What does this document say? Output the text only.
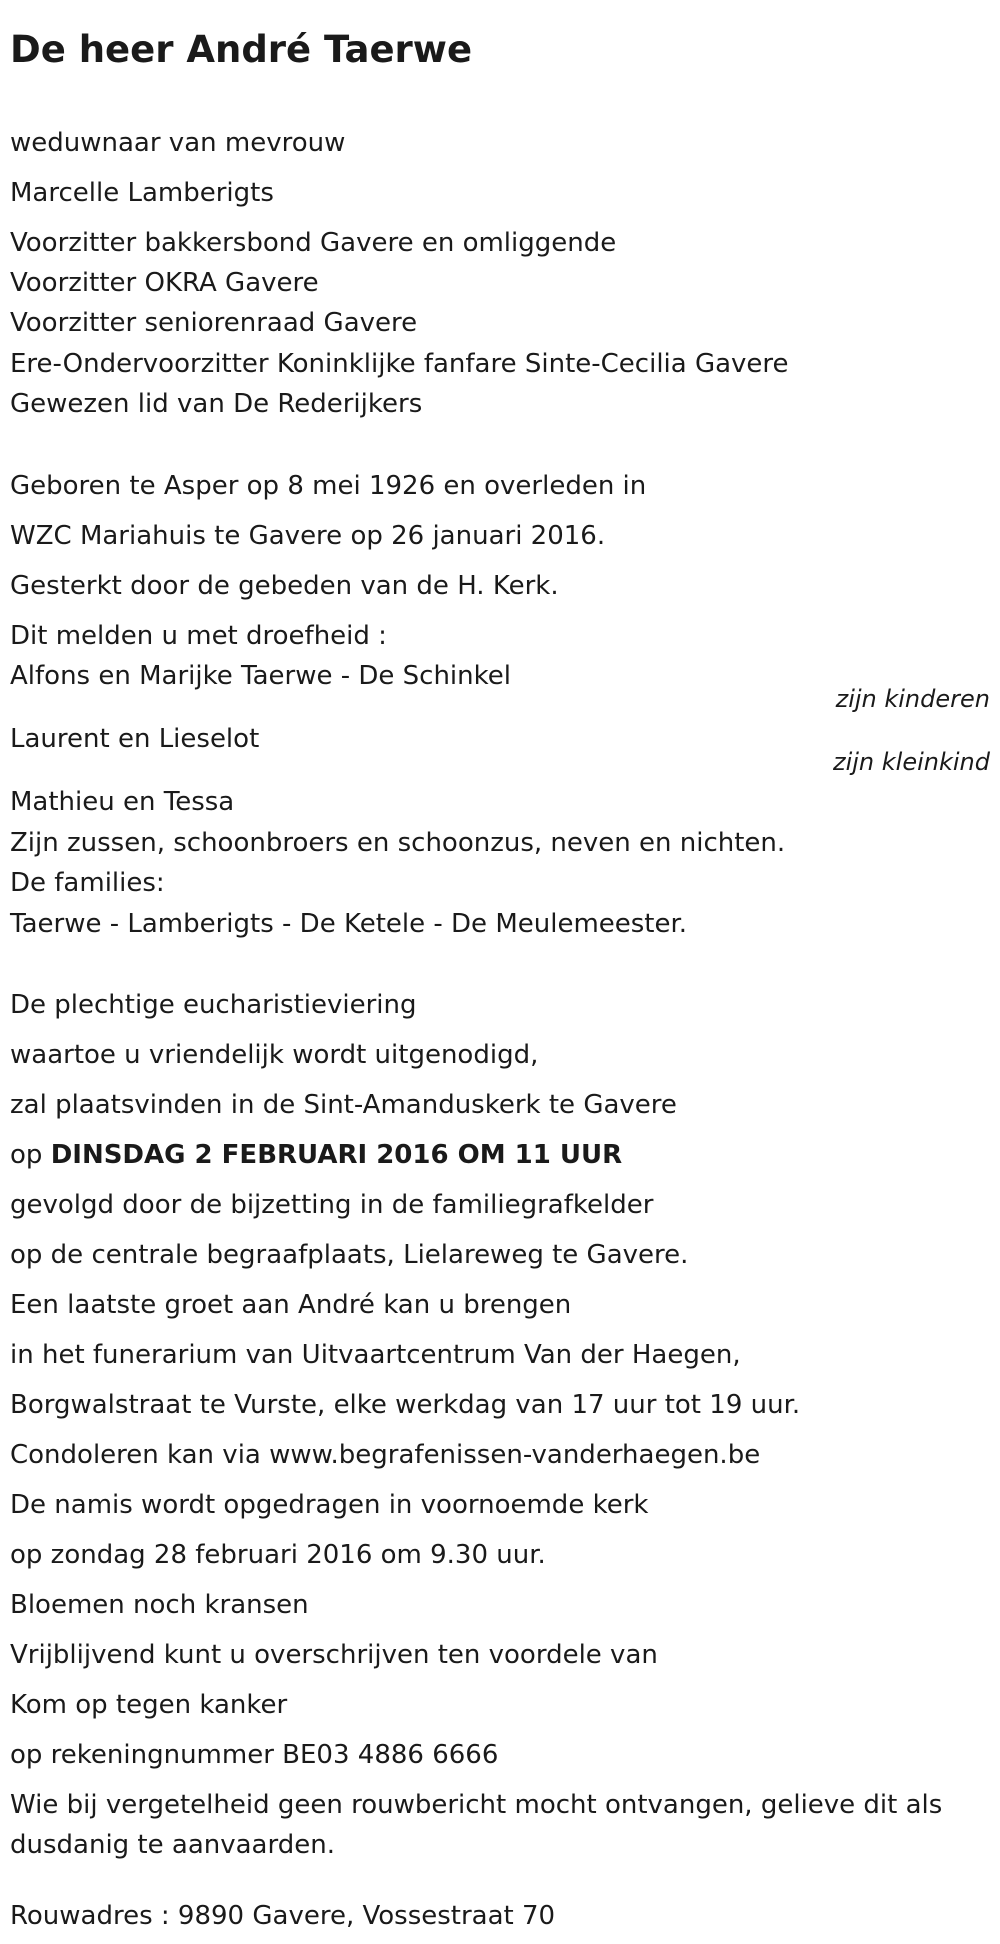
De heer André Taerwe
weduwnaar van mevrouw
Marcelle Lamberigts
Voorzitter bakkersbond Gavere en omliggende
Voorzitter OKRA Gavere
Voorzitter seniorenraad Gavere
Ere-Ondervoorzitter Koninklijke fanfare Sinte-Cecilia Gavere
Gewezen lid van De Rederijkers
Geboren te Asper op 8 mei 1926 en overleden in
WZC Mariahuis te Gavere op 26 januari 2016.
Gesterkt door de gebeden van de H. Kerk.
Dit melden u met droefheid :
Alfons en Marijke Taerwe - De Schinkel
zijn kinderen
Laurent en Lieselot
zijn kleinkind
Mathieu en Tessa
Zijn zussen, schoonbroers en schoonzus, neven en nichten.
De families:
Taerwe - Lamberigts - De Ketele - De Meulemeester.
De plechtige eucharistieviering
waartoe u vriendelijk wordt uitgenodigd,
zal plaatsvinden in de Sint-Amanduskerk te Gavere
op DINSDAG 2 FEBRUARI 2016 OM 11 UUR
gevolgd door de bijzetting in de familiegrafkelder
op de centrale begraafplaats, Lielareweg te Gavere.
Een laatste groet aan André kan u brengen
in het funerarium van Uitvaartcentrum Van der Haegen,
Borgwalstraat te Vurste, elke werkdag van 17 uur tot 19 uur.
Condoleren kan via www.begrafenissen-vanderhaegen.be
De namis wordt opgedragen in voornoemde kerk
op zondag 28 februari 2016 om 9.30 uur.
Bloemen noch kransen
Vrijblijvend kunt u overschrijven ten voordele van
Kom op tegen kanker
op rekeningnummer BE03 4886 6666
Wie bij vergetelheid geen rouwbericht mocht ontvangen, gelieve dit als dusdanig te aanvaarden.
Rouwadres : 9890 Gavere, Vossestraat 70
